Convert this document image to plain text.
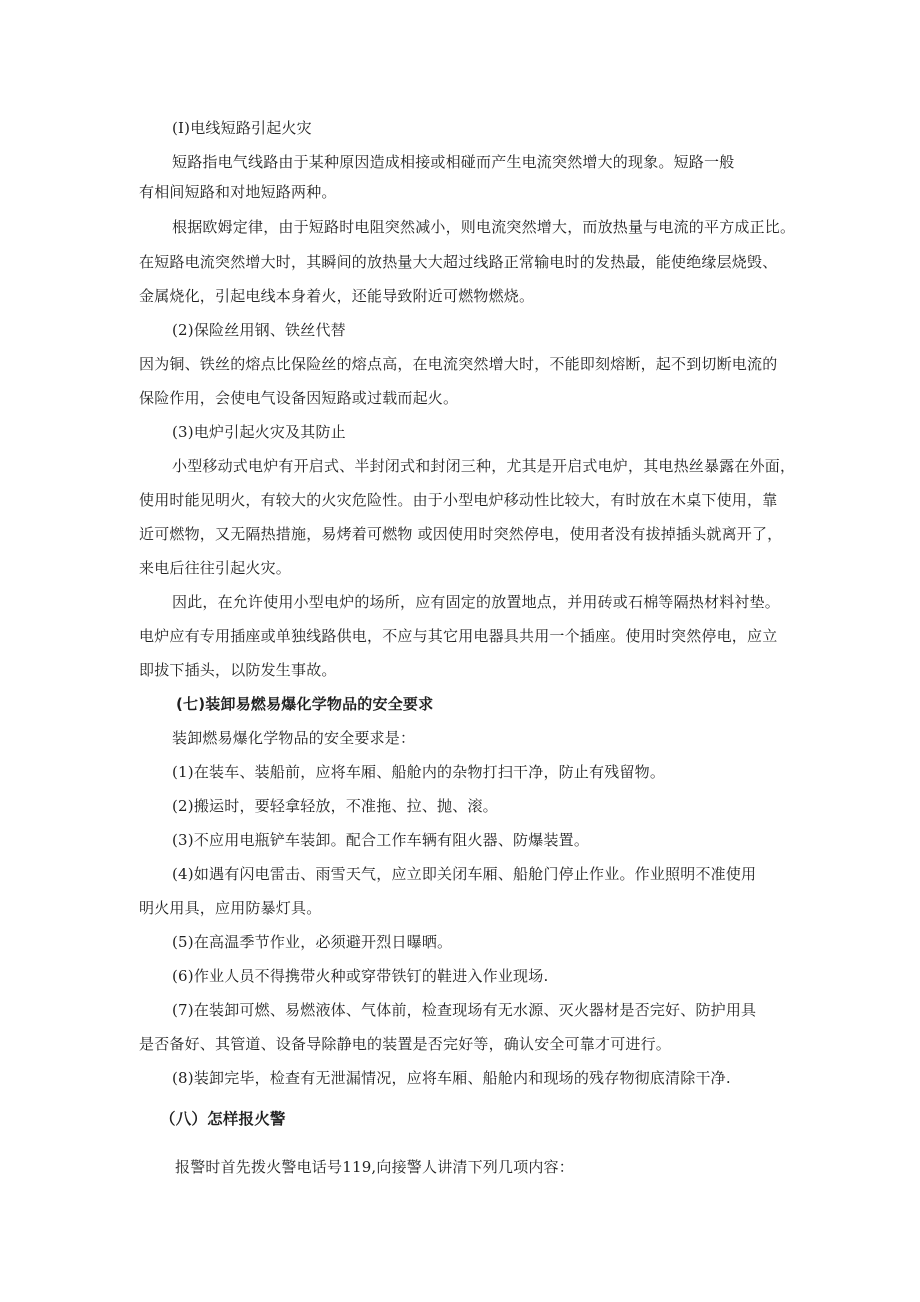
(I)电线短路引起火灾
短路指电气线路由于某种原因造成相接或相碰而产生电流突然增大的现象。短路一般
有相间短路和对地短路两种。
根据欧姆定律，由于短路时电阻突然减小，则电流突然增大，而放热量与电流的平方成正比。
在短路电流突然增大时，其瞬间的放热量大大超过线路正常输电时的发热最，能使绝缘层烧毁、
金属烧化，引起电线本身着火，还能导致附近可燃物燃烧。
(2)保险丝用钢、铁丝代替
因为铜、铁丝的熔点比保险丝的熔点高，在电流突然增大时，不能即刻熔断，起不到切断电流的
保险作用，会使电气设备因短路或过载而起火。
(3)电炉引起火灾及其防止
小型移动式电炉有开启式、半封闭式和封闭三种，尤其是开启式电炉，其电热丝暴露在外面，
使用时能见明火，有较大的火灾危险性。由于小型电炉移动性比较大，有时放在木桌下使用，靠
近可燃物，又无隔热措施，易烤着可燃物 或因使用时突然停电，使用者没有拔掉插头就离开了，
来电后往往引起火灾。
因此，在允许使用小型电炉的场所，应有固定的放置地点，并用砖或石棉等隔热材料衬垫。
电炉应有专用插座或单独线路供电，不应与其它用电器具共用一个插座。使用时突然停电，应立
即拔下插头，以防发生事故。
(七)装卸易燃易爆化学物品的安全要求
装卸燃易爆化学物品的安全要求是：
(1)在装车、装船前，应将车厢、船舱内的杂物打扫干净，防止有残留物。
(2)搬运时，要轻拿轻放，不准拖、拉、抛、滚。
(3)不应用电瓶铲车装卸。配合工作车辆有阻火器、防爆装置。
(4)如遇有闪电雷击、雨雪天气，应立即关闭车厢、船舱门停止作业。作业照明不准使用
明火用具，应用防暴灯具。
(5)在高温季节作业，必须避开烈日曝晒。
(6)作业人员不得携带火种或穿带铁钉的鞋进入作业现场.
(7)在装卸可燃、易燃液体、气体前，检查现场有无水源、灭火器材是否完好、防护用具
是否备好、其管道、设备导除静电的装置是否完好等，确认安全可靠才可进行。
(8)装卸完毕，检查有无泄漏情况，应将车厢、船舱内和现场的残存物彻底清除干净.
（八）怎样报火警
报警时首先拨火警电话号119,向接警人讲清下列几项内容：
